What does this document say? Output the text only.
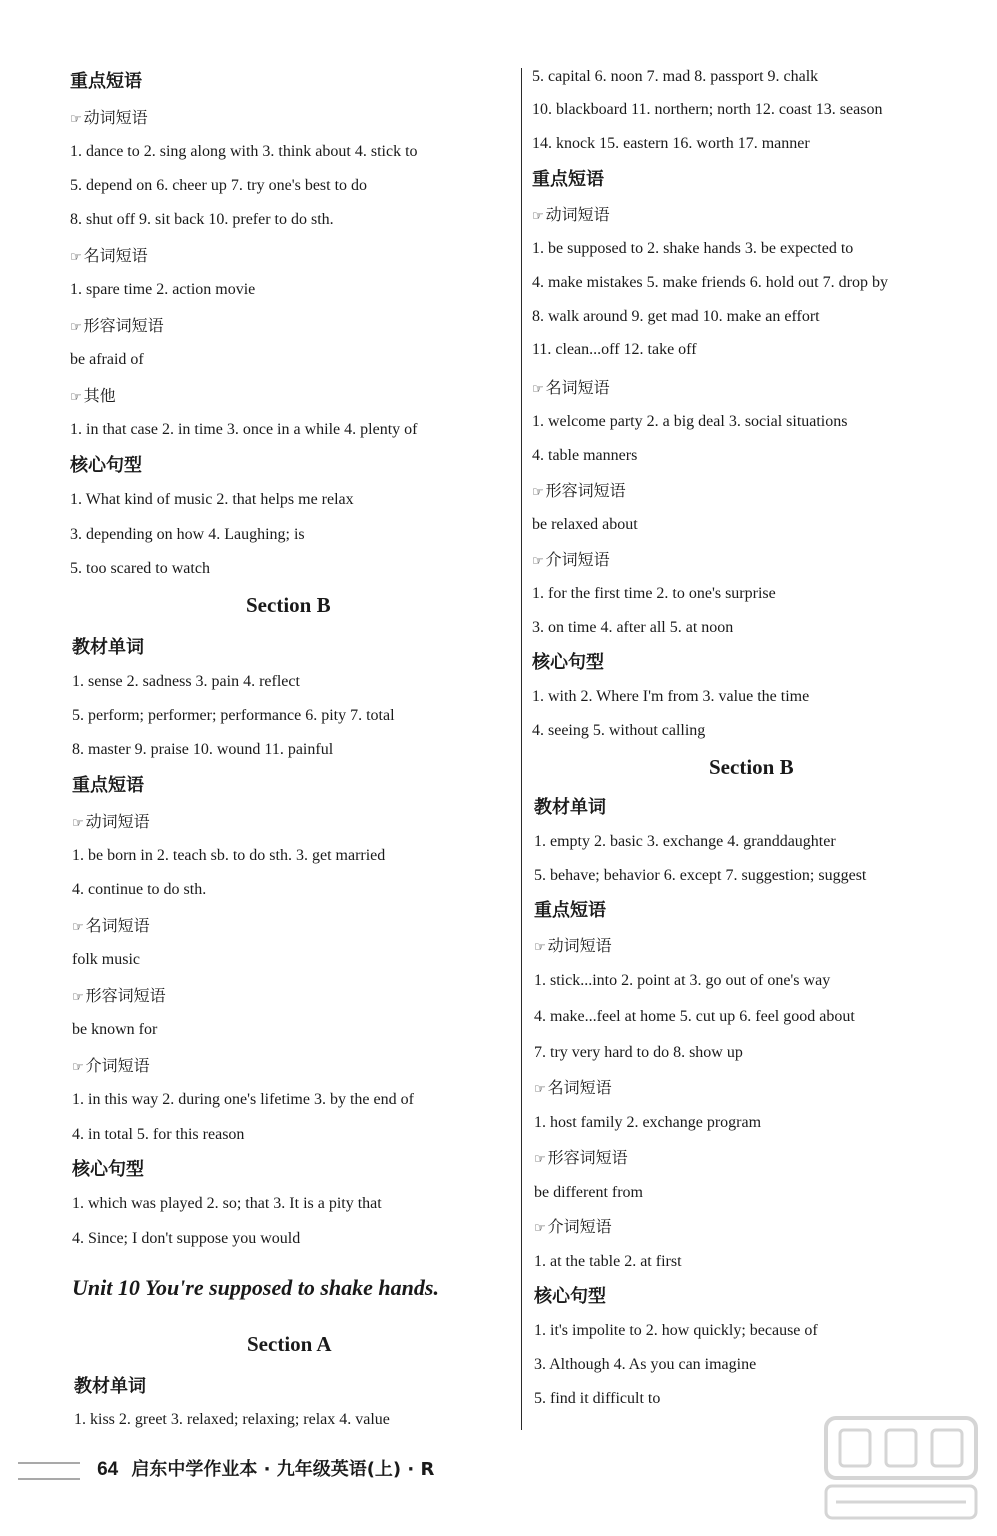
重点短语
☞ 动词短语
1. dance to 2. sing along with 3. think about 4. stick to
5. depend on 6. cheer up 7. try one's best to do
8. shut off 9. sit back 10. prefer to do sth.
☞ 名词短语
1. spare time 2. action movie
☞ 形容词短语
be afraid of
☞ 其他
1. in that case 2. in time 3. once in a while 4. plenty of
核心句型
1. What kind of music 2. that helps me relax
3. depending on how 4. Laughing; is
5. too scared to watch
Section B
教材单词
1. sense 2. sadness 3. pain 4. reflect
5. perform; performer; performance 6. pity 7. total
8. master 9. praise 10. wound 11. painful
重点短语
☞ 动词短语
1. be born in 2. teach sb. to do sth. 3. get married
4. continue to do sth.
☞ 名词短语
folk music
☞ 形容词短语
be known for
☞ 介词短语
1. in this way 2. during one's lifetime 3. by the end of
4. in total 5. for this reason
核心句型
1. which was played 2. so; that 3. It is a pity that
4. Since; I don't suppose you would
Unit 10 You're supposed to shake hands.
Section A
教材单词
1. kiss 2. greet 3. relaxed; relaxing; relax 4. value
5. capital 6. noon 7. mad 8. passport 9. chalk
10. blackboard 11. northern; north 12. coast 13. season
14. knock 15. eastern 16. worth 17. manner
重点短语
☞ 动词短语
1. be supposed to 2. shake hands 3. be expected to
4. make mistakes 5. make friends 6. hold out 7. drop by
8. walk around 9. get mad 10. make an effort
11. clean...off 12. take off
☞ 名词短语
1. welcome party 2. a big deal 3. social situations
4. table manners
☞ 形容词短语
be relaxed about
☞ 介词短语
1. for the first time 2. to one's surprise
3. on time 4. after all 5. at noon
核心句型
1. with 2. Where I'm from 3. value the time
4. seeing 5. without calling
Section B
教材单词
1. empty 2. basic 3. exchange 4. granddaughter
5. behave; behavior 6. except 7. suggestion; suggest
重点短语
☞ 动词短语
1. stick...into 2. point at 3. go out of one's way
4. make...feel at home 5. cut up 6. feel good about
7. try very hard to do 8. show up
☞ 名词短语
1. host family 2. exchange program
☞ 形容词短语
be different from
☞ 介词短语
1. at the table 2. at first
核心句型
1. it's impolite to 2. how quickly; because of
3. Although 4. As you can imagine
5. find it difficult to
64 启东中学作业本 · 九年级英语(上) · R
